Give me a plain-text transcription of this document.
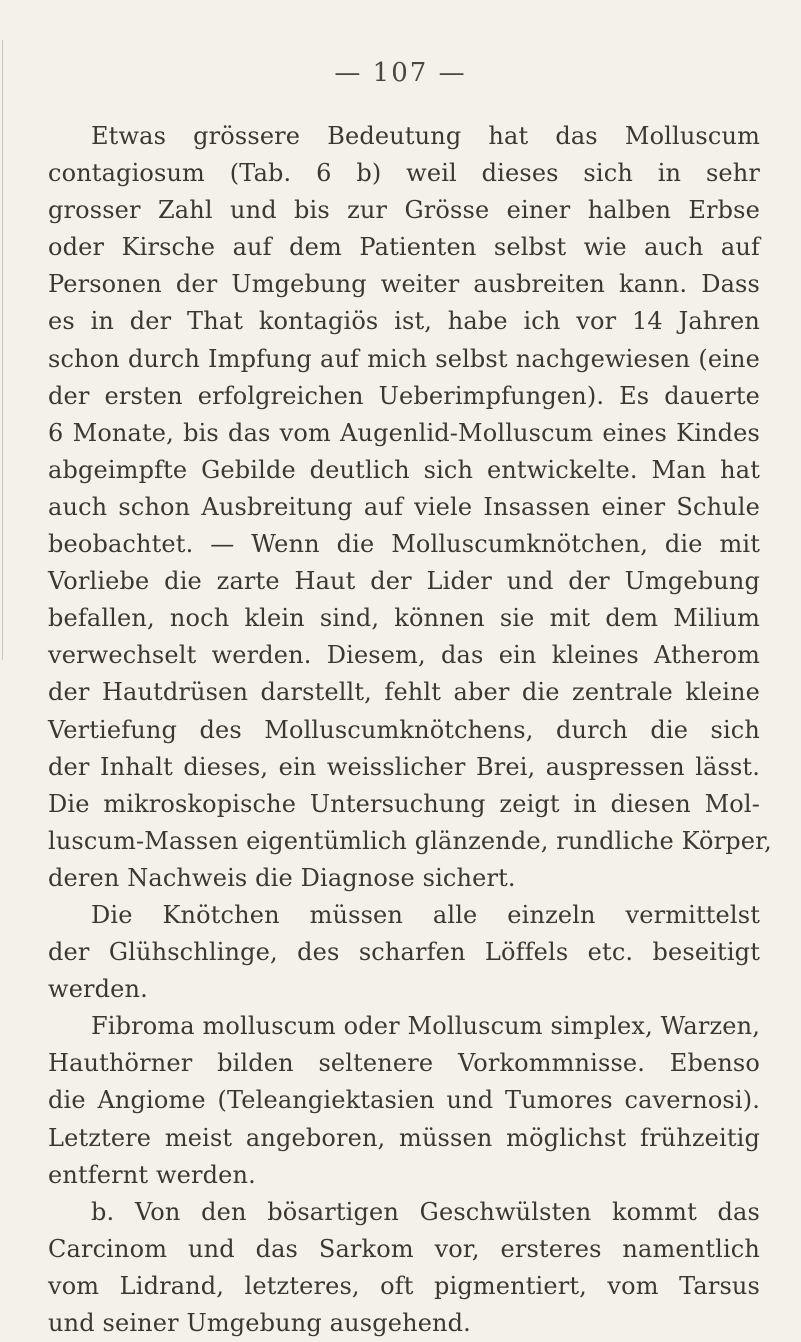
— 107 —
Etwas grössere Bedeutung hat das Molluscum
contagiosum (Tab. 6 b) weil dieses sich in sehr
grosser Zahl und bis zur Grösse einer halben Erbse
oder Kirsche auf dem Patienten selbst wie auch auf
Personen der Umgebung weiter ausbreiten kann. Dass
es in der That kontagiös ist, habe ich vor 14 Jahren
schon durch Impfung auf mich selbst nachgewiesen (eine
der ersten erfolgreichen Ueberimpfungen). Es dauerte
6 Monate, bis das vom Augenlid-Molluscum eines Kindes
abgeimpfte Gebilde deutlich sich entwickelte. Man hat
auch schon Ausbreitung auf viele Insassen einer Schule
beobachtet. — Wenn die Molluscumknötchen, die mit
Vorliebe die zarte Haut der Lider und der Umgebung
befallen, noch klein sind, können sie mit dem Milium
verwechselt werden. Diesem, das ein kleines Atherom
der Hautdrüsen darstellt, fehlt aber die zentrale kleine
Vertiefung des Molluscumknötchens, durch die sich
der Inhalt dieses, ein weisslicher Brei, auspressen lässt.
Die mikroskopische Untersuchung zeigt in diesen Mol-
luscum-Massen eigentümlich glänzende, rundliche Körper,
deren Nachweis die Diagnose sichert.
Die Knötchen müssen alle einzeln vermittelst
der Glühschlinge, des scharfen Löffels etc. beseitigt
werden.
Fibroma molluscum oder Molluscum simplex, Warzen,
Hauthörner bilden seltenere Vorkommnisse. Ebenso
die Angiome (Teleangiektasien und Tumores cavernosi).
Letztere meist angeboren, müssen möglichst frühzeitig
entfernt werden.
b. Von den bösartigen Geschwülsten kommt das
Carcinom und das Sarkom vor, ersteres namentlich
vom Lidrand, letzteres, oft pigmentiert, vom Tarsus
und seiner Umgebung ausgehend.
